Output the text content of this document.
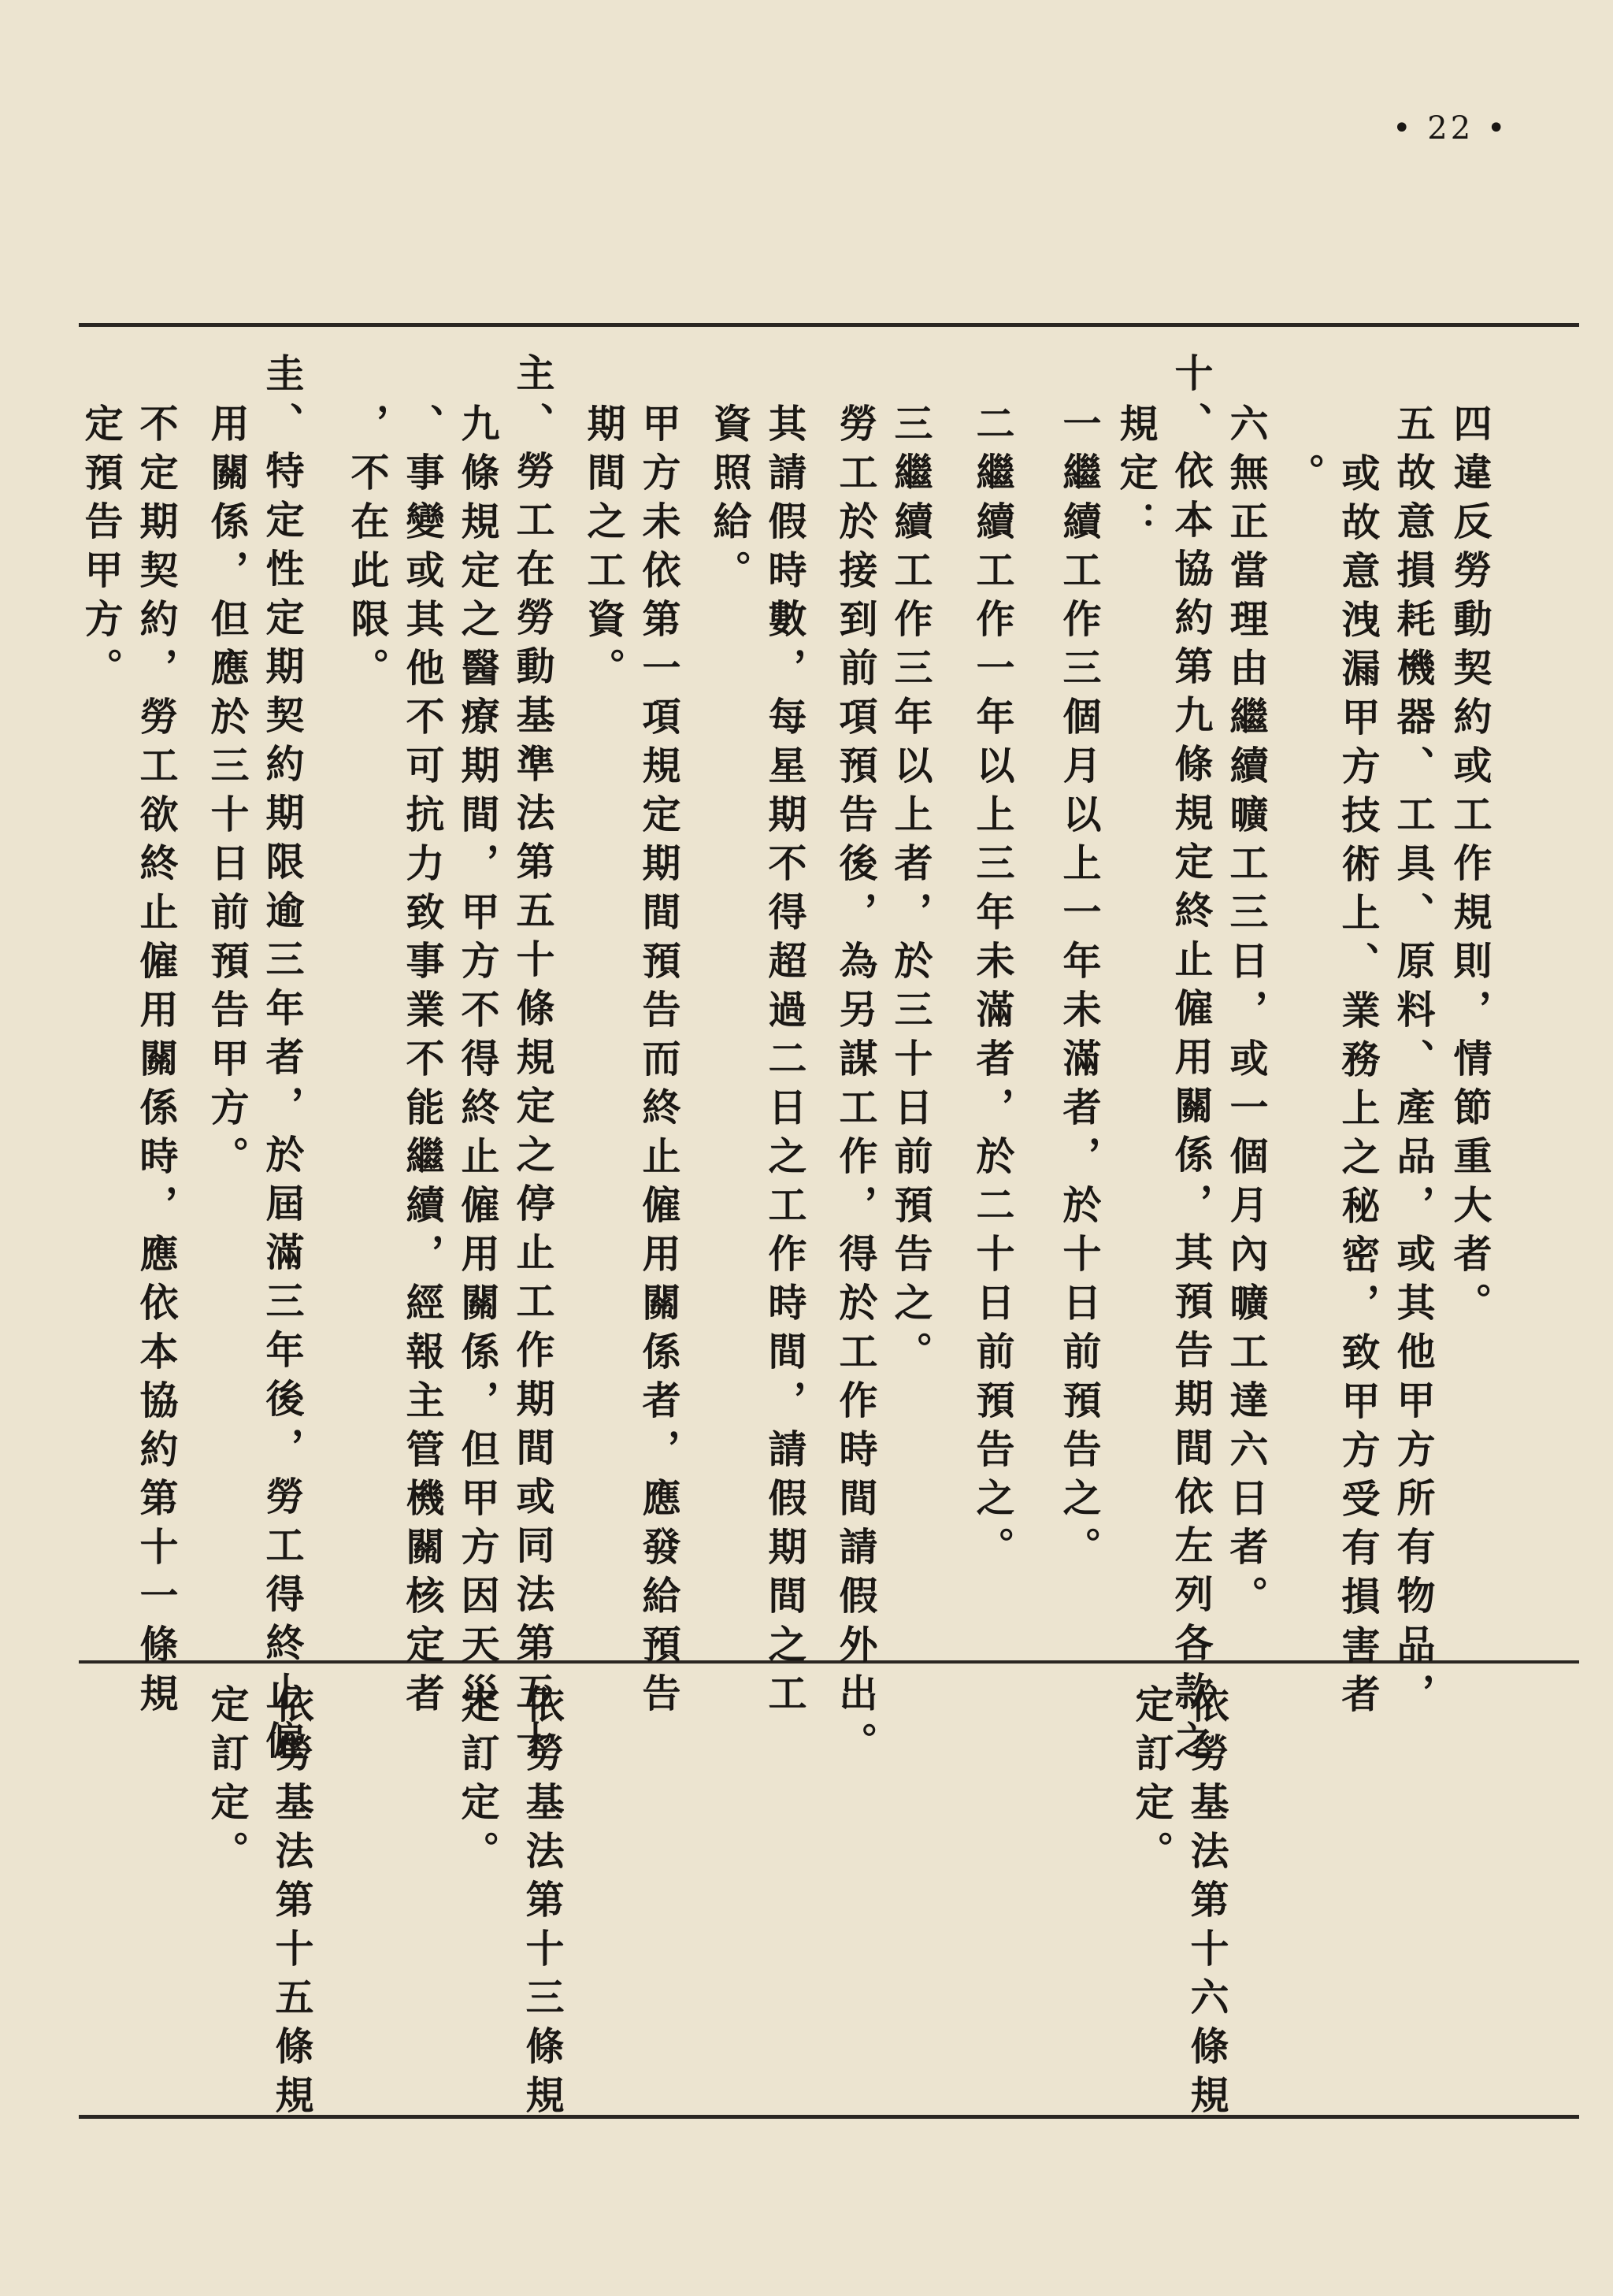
• 22 •
四違反勞動契約或工作規則，情節重大者。
五故意損耗機器、工具、原料、產品，或其他甲方所有物品，
或故意洩漏甲方技術上、業務上之秘密，致甲方受有損害者
。
六無正當理由繼續曠工三日，或一個月內曠工達六日者。
十、依本協約第九條規定終止僱用關係，其預告期間依左列各款之
規定：
一繼續工作三個月以上一年未滿者，於十日前預告之。
二繼續工作一年以上三年未滿者，於二十日前預告之。
三繼續工作三年以上者，於三十日前預告之。
勞工於接到前項預告後，為另謀工作，得於工作時間請假外出。
其請假時數，每星期不得超過二日之工作時間，請假期間之工
資照給。
甲方未依第一項規定期間預告而終止僱用關係者，應發給預告
期間之工資。
主、勞工在勞動基準法第五十條規定之停止工作期間或同法第五十
九條規定之醫療期間，甲方不得終止僱用關係，但甲方因天災
、事變或其他不可抗力致事業不能繼續，經報主管機關核定者
，不在此限。
圭、特定性定期契約期限逾三年者，於屆滿三年後，勞工得終止僱
用關係，但應於三十日前預告甲方。
不定期契約，勞工欲終止僱用關係時，應依本協約第十一條規
定預告甲方。
依勞基法第十六條規
定訂定。
依勞基法第十三條規
定訂定。
依勞基法第十五條規
定訂定。
